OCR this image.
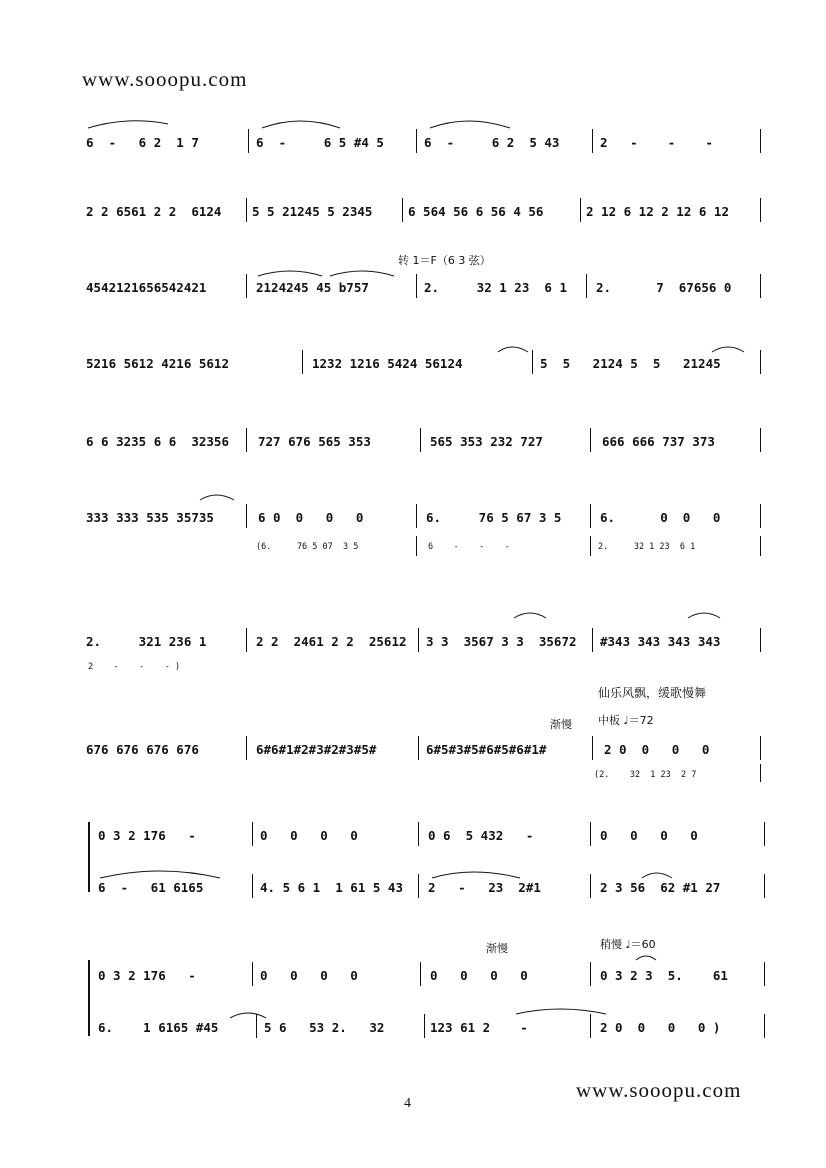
www.sooopu.com
转 1＝F（6 3 弦）
仙乐风飘，缓歌慢舞
中板 ♩＝72
渐慢
渐慢	稍慢 ♩＝60
6  -   6 2  1 7	6  -     6 5 #4 5	6  -     6 2  5 43	2   -    -    -
2 2 6561 2 2  6124 5 5 21245 5 2345	6 564 56 6 56 4 56	2 12 6 12 2 12 6 12
4542121656542421	2124245 45 b757	2.     32 1 23  6 1 2.      7  67656 0
5216 5612 4216 5612	1232 1216 5424 56124	5  5   2124 5  5   21245
6 6 3235 6 6  32356 727 676 565 353	565 353 232 727	666 666 737 373
333 333 535 35735	6 0  0   0   0	6.     76 5 67 3 5	6.      0  0   0
(6.     76 5 07  3 5	6    -    -    -	2.     32 1 23  6 1
2.     321 236 1	2 2  2461 2 2  25612 3 3  3567 3 3  35672 #343 343 343 343
2    -    -    - )
676 676 676 676	6#6#1#2#3#2#3#5#	6#5#3#5#6#5#6#1#	2 0  0   0   0
(2.    32  1 23  2 7
0 3 2 176   -	0   0   0   0	0 6  5 432   -	0   0   0   0
6  -   61 6165	4. 5 6 1  1 61 5 43 2   -   23  2#1	2 3 56  62 #1 27
0 3 2 176   -	0   0   0   0	0   0   0   0	0 3 2 3  5.    61
6.    1 6165 #45	5 6   53 2.   32	123 61 2    -	2 0  0   0   0 )
4
www.sooopu.com
